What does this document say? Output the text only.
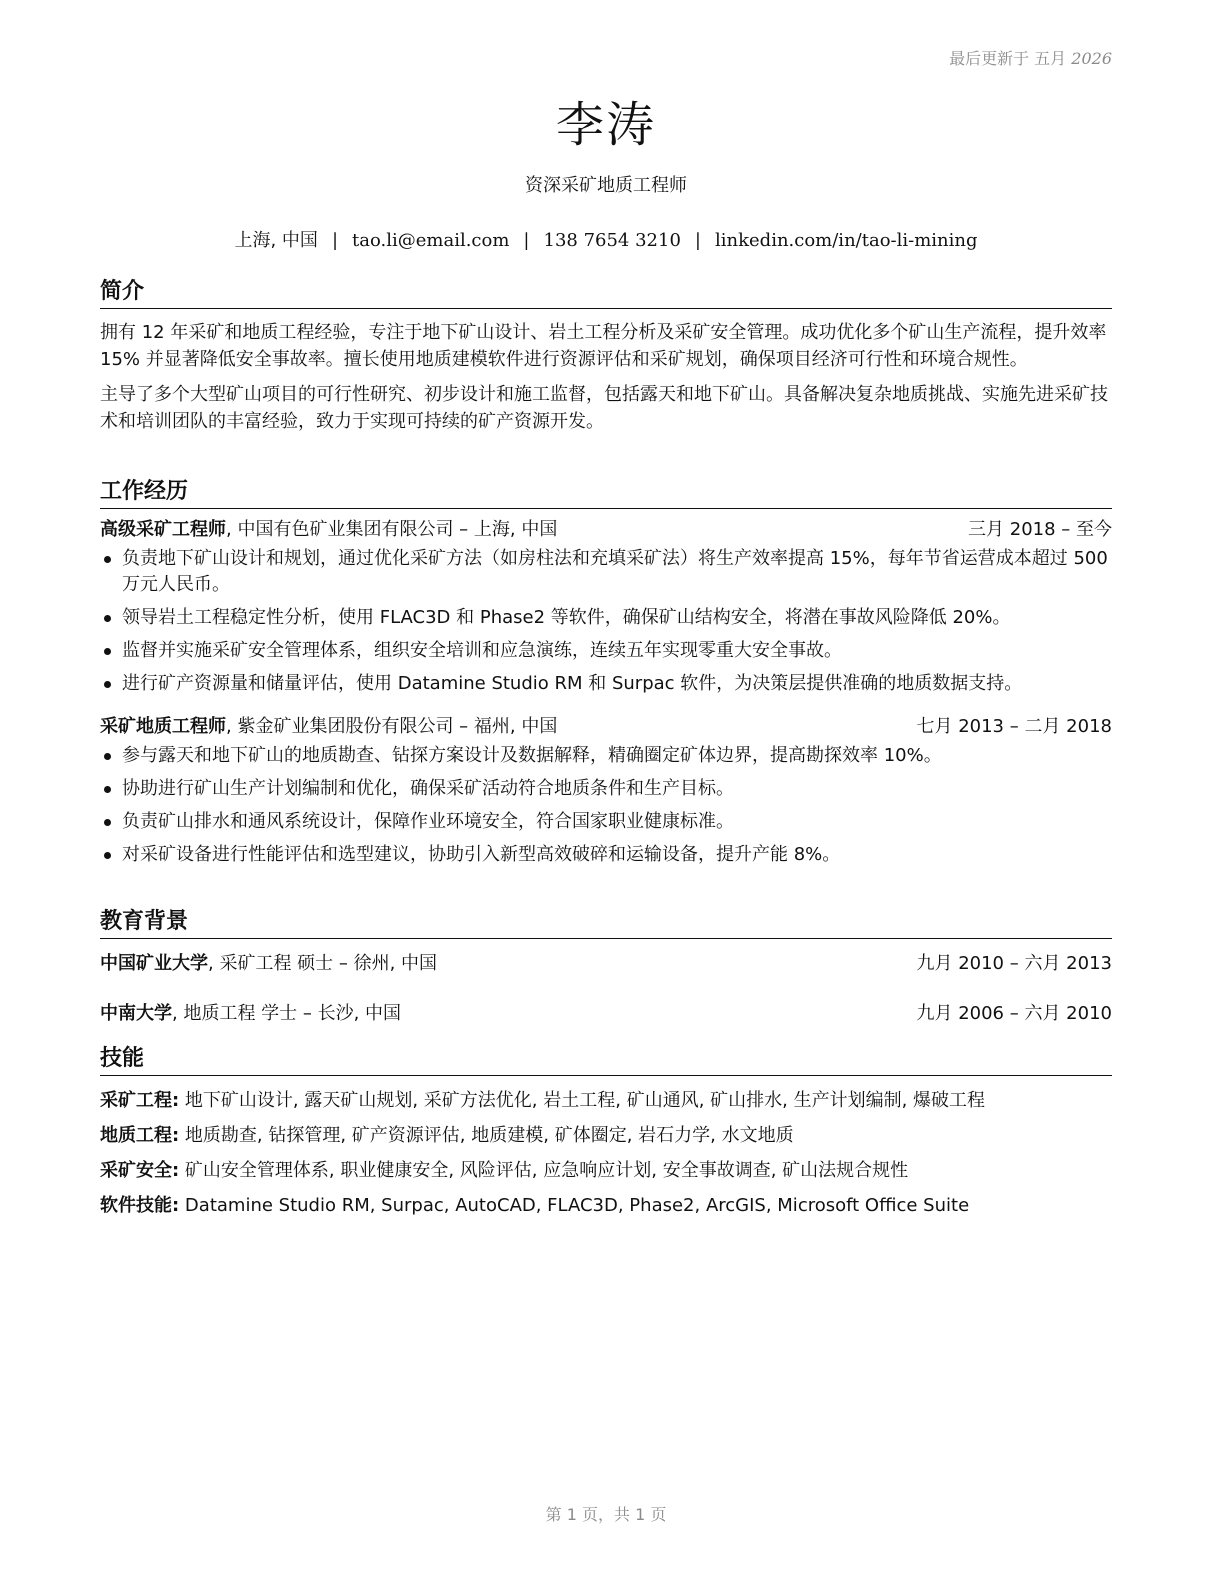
最后更新于 五月 2026
李涛
资深采矿地质工程师
上海, 中国 | tao.li@email.com | 138 7654 3210 | linkedin.com/in/tao-li-mining
简介

拥有 12 年采矿和地质工程经验，专注于地下矿山设计、岩土工程分析及采矿安全管理。成功优化多个矿山生产流程，提升效率 15% 并显著降低安全事故率。擅长使用地质建模软件进行资源评估和采矿规划，确保项目经济可行性和环境合规性。

主导了多个大型矿山项目的可行性研究、初步设计和施工监督，包括露天和地下矿山。具备解决复杂地质挑战、实施先进采矿技术和培训团队的丰富经验，致力于实现可持续的矿产资源开发。

工作经历
高级采矿工程师, 中国有色矿业集团有限公司 – 上海, 中国	三月 2018 – 至今
负责地下矿山设计和规划，通过优化采矿方法（如房柱法和充填采矿法）将生产效率提高 15%，每年节省运营成本超过 500 万元人民币。
领导岩土工程稳定性分析，使用 FLAC3D 和 Phase2 等软件，确保矿山结构安全，将潜在事故风险降低 20%。
监督并实施采矿安全管理体系，组织安全培训和应急演练，连续五年实现零重大安全事故。
进行矿产资源量和储量评估，使用 Datamine Studio RM 和 Surpac 软件，为决策层提供准确的地质数据支持。
采矿地质工程师, 紫金矿业集团股份有限公司 – 福州, 中国	七月 2013 – 二月 2018
参与露天和地下矿山的地质勘查、钻探方案设计及数据解释，精确圈定矿体边界，提高勘探效率 10%。
协助进行矿山生产计划编制和优化，确保采矿活动符合地质条件和生产目标。
负责矿山排水和通风系统设计，保障作业环境安全，符合国家职业健康标准。
对采矿设备进行性能评估和选型建议，协助引入新型高效破碎和运输设备，提升产能 8%。
教育背景
中国矿业大学, 采矿工程 硕士 – 徐州, 中国	九月 2010 – 六月 2013
中南大学, 地质工程 学士 – 长沙, 中国	九月 2006 – 六月 2010
技能
采矿工程: 地下矿山设计, 露天矿山规划, 采矿方法优化, 岩土工程, 矿山通风, 矿山排水, 生产计划编制, 爆破工程
地质工程: 地质勘查, 钻探管理, 矿产资源评估, 地质建模, 矿体圈定, 岩石力学, 水文地质
采矿安全: 矿山安全管理体系, 职业健康安全, 风险评估, 应急响应计划, 安全事故调查, 矿山法规合规性
软件技能: Datamine Studio RM, Surpac, AutoCAD, FLAC3D, Phase2, ArcGIS, Microsoft Office Suite
第 1 页，共 1 页
